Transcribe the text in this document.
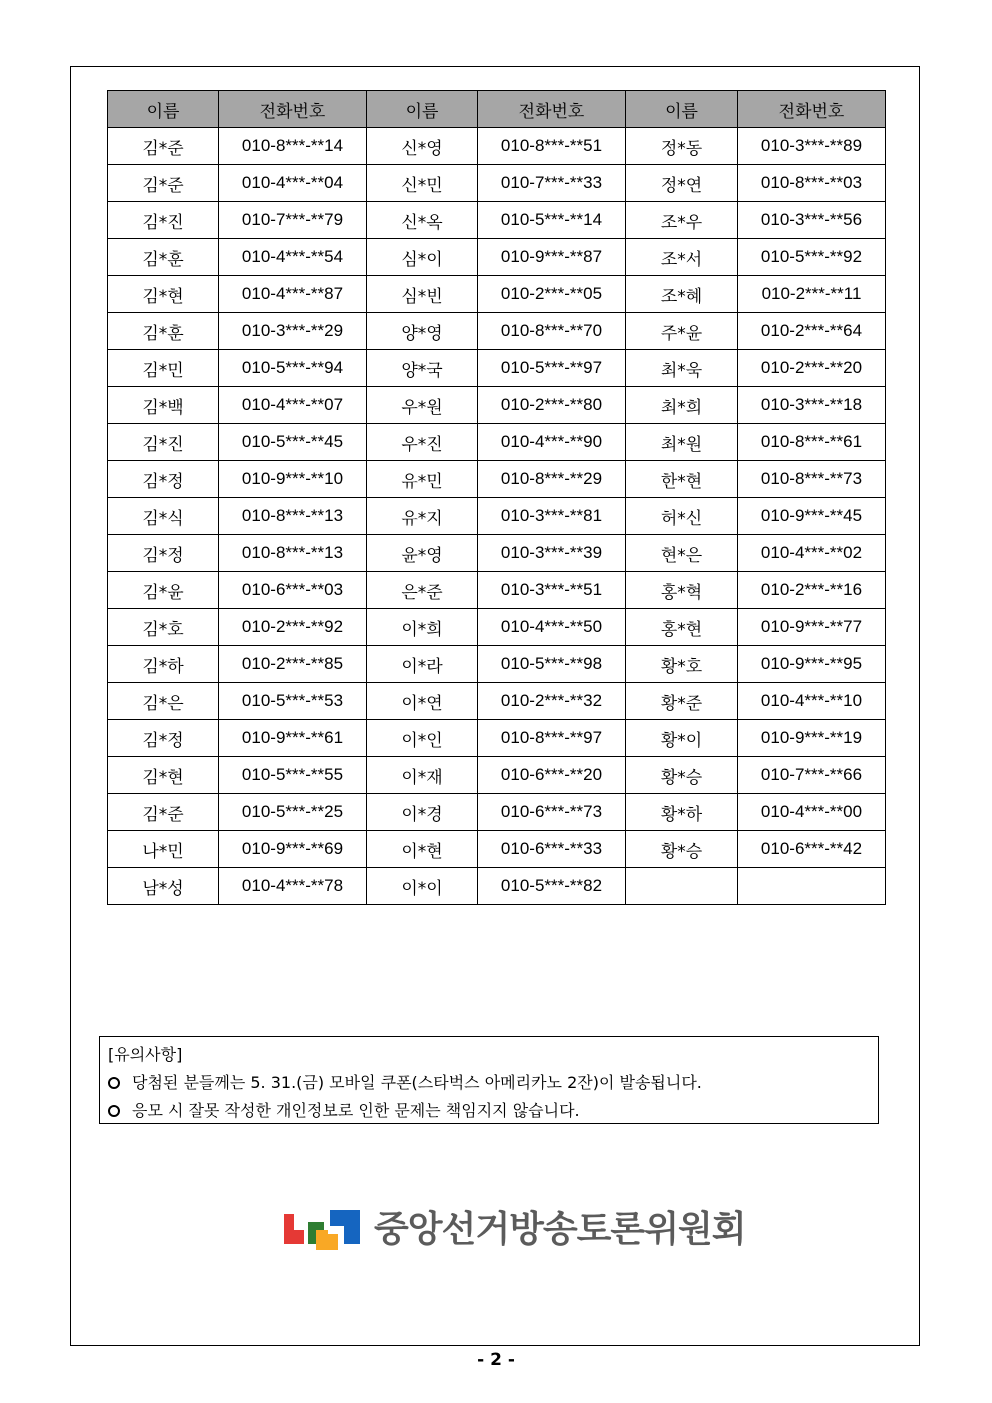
이름	전화번호	이름	전화번호	이름	전화번호
김*준	010-8***-**14	신*영	010-8***-**51	정*동	010-3***-**89
김*준	010-4***-**04	신*민	010-7***-**33	정*연	010-8***-**03
김*진	010-7***-**79	신*옥	010-5***-**14	조*우	010-3***-**56
김*훈	010-4***-**54	심*이	010-9***-**87	조*서	010-5***-**92
김*현	010-4***-**87	심*빈	010-2***-**05	조*혜	010-2***-**11
김*훈	010-3***-**29	양*영	010-8***-**70	주*윤	010-2***-**64
김*민	010-5***-**94	양*국	010-5***-**97	최*욱	010-2***-**20
김*백	010-4***-**07	우*원	010-2***-**80	최*희	010-3***-**18
김*진	010-5***-**45	우*진	010-4***-**90	최*원	010-8***-**61
김*정	010-9***-**10	유*민	010-8***-**29	한*현	010-8***-**73
김*식	010-8***-**13	유*지	010-3***-**81	허*신	010-9***-**45
김*정	010-8***-**13	윤*영	010-3***-**39	현*은	010-4***-**02
김*윤	010-6***-**03	은*준	010-3***-**51	홍*혁	010-2***-**16
김*호	010-2***-**92	이*희	010-4***-**50	홍*현	010-9***-**77
김*하	010-2***-**85	이*라	010-5***-**98	황*호	010-9***-**95
김*은	010-5***-**53	이*연	010-2***-**32	황*준	010-4***-**10
김*정	010-9***-**61	이*인	010-8***-**97	황*이	010-9***-**19
김*현	010-5***-**55	이*재	010-6***-**20	황*승	010-7***-**66
김*준	010-5***-**25	이*경	010-6***-**73	황*하	010-4***-**00
나*민	010-9***-**69	이*현	010-6***-**33	황*승	010-6***-**42
남*성	010-4***-**78	이*이	010-5***-**82		
[유의사항]
당첨된 분들께는 5. 31.(금) 모바일 쿠폰(스타벅스 아메리카노 2잔)이 발송됩니다.
응모 시 잘못 작성한 개인정보로 인한 문제는 책임지지 않습니다.
중앙선거방송토론위원회
- 2 -
